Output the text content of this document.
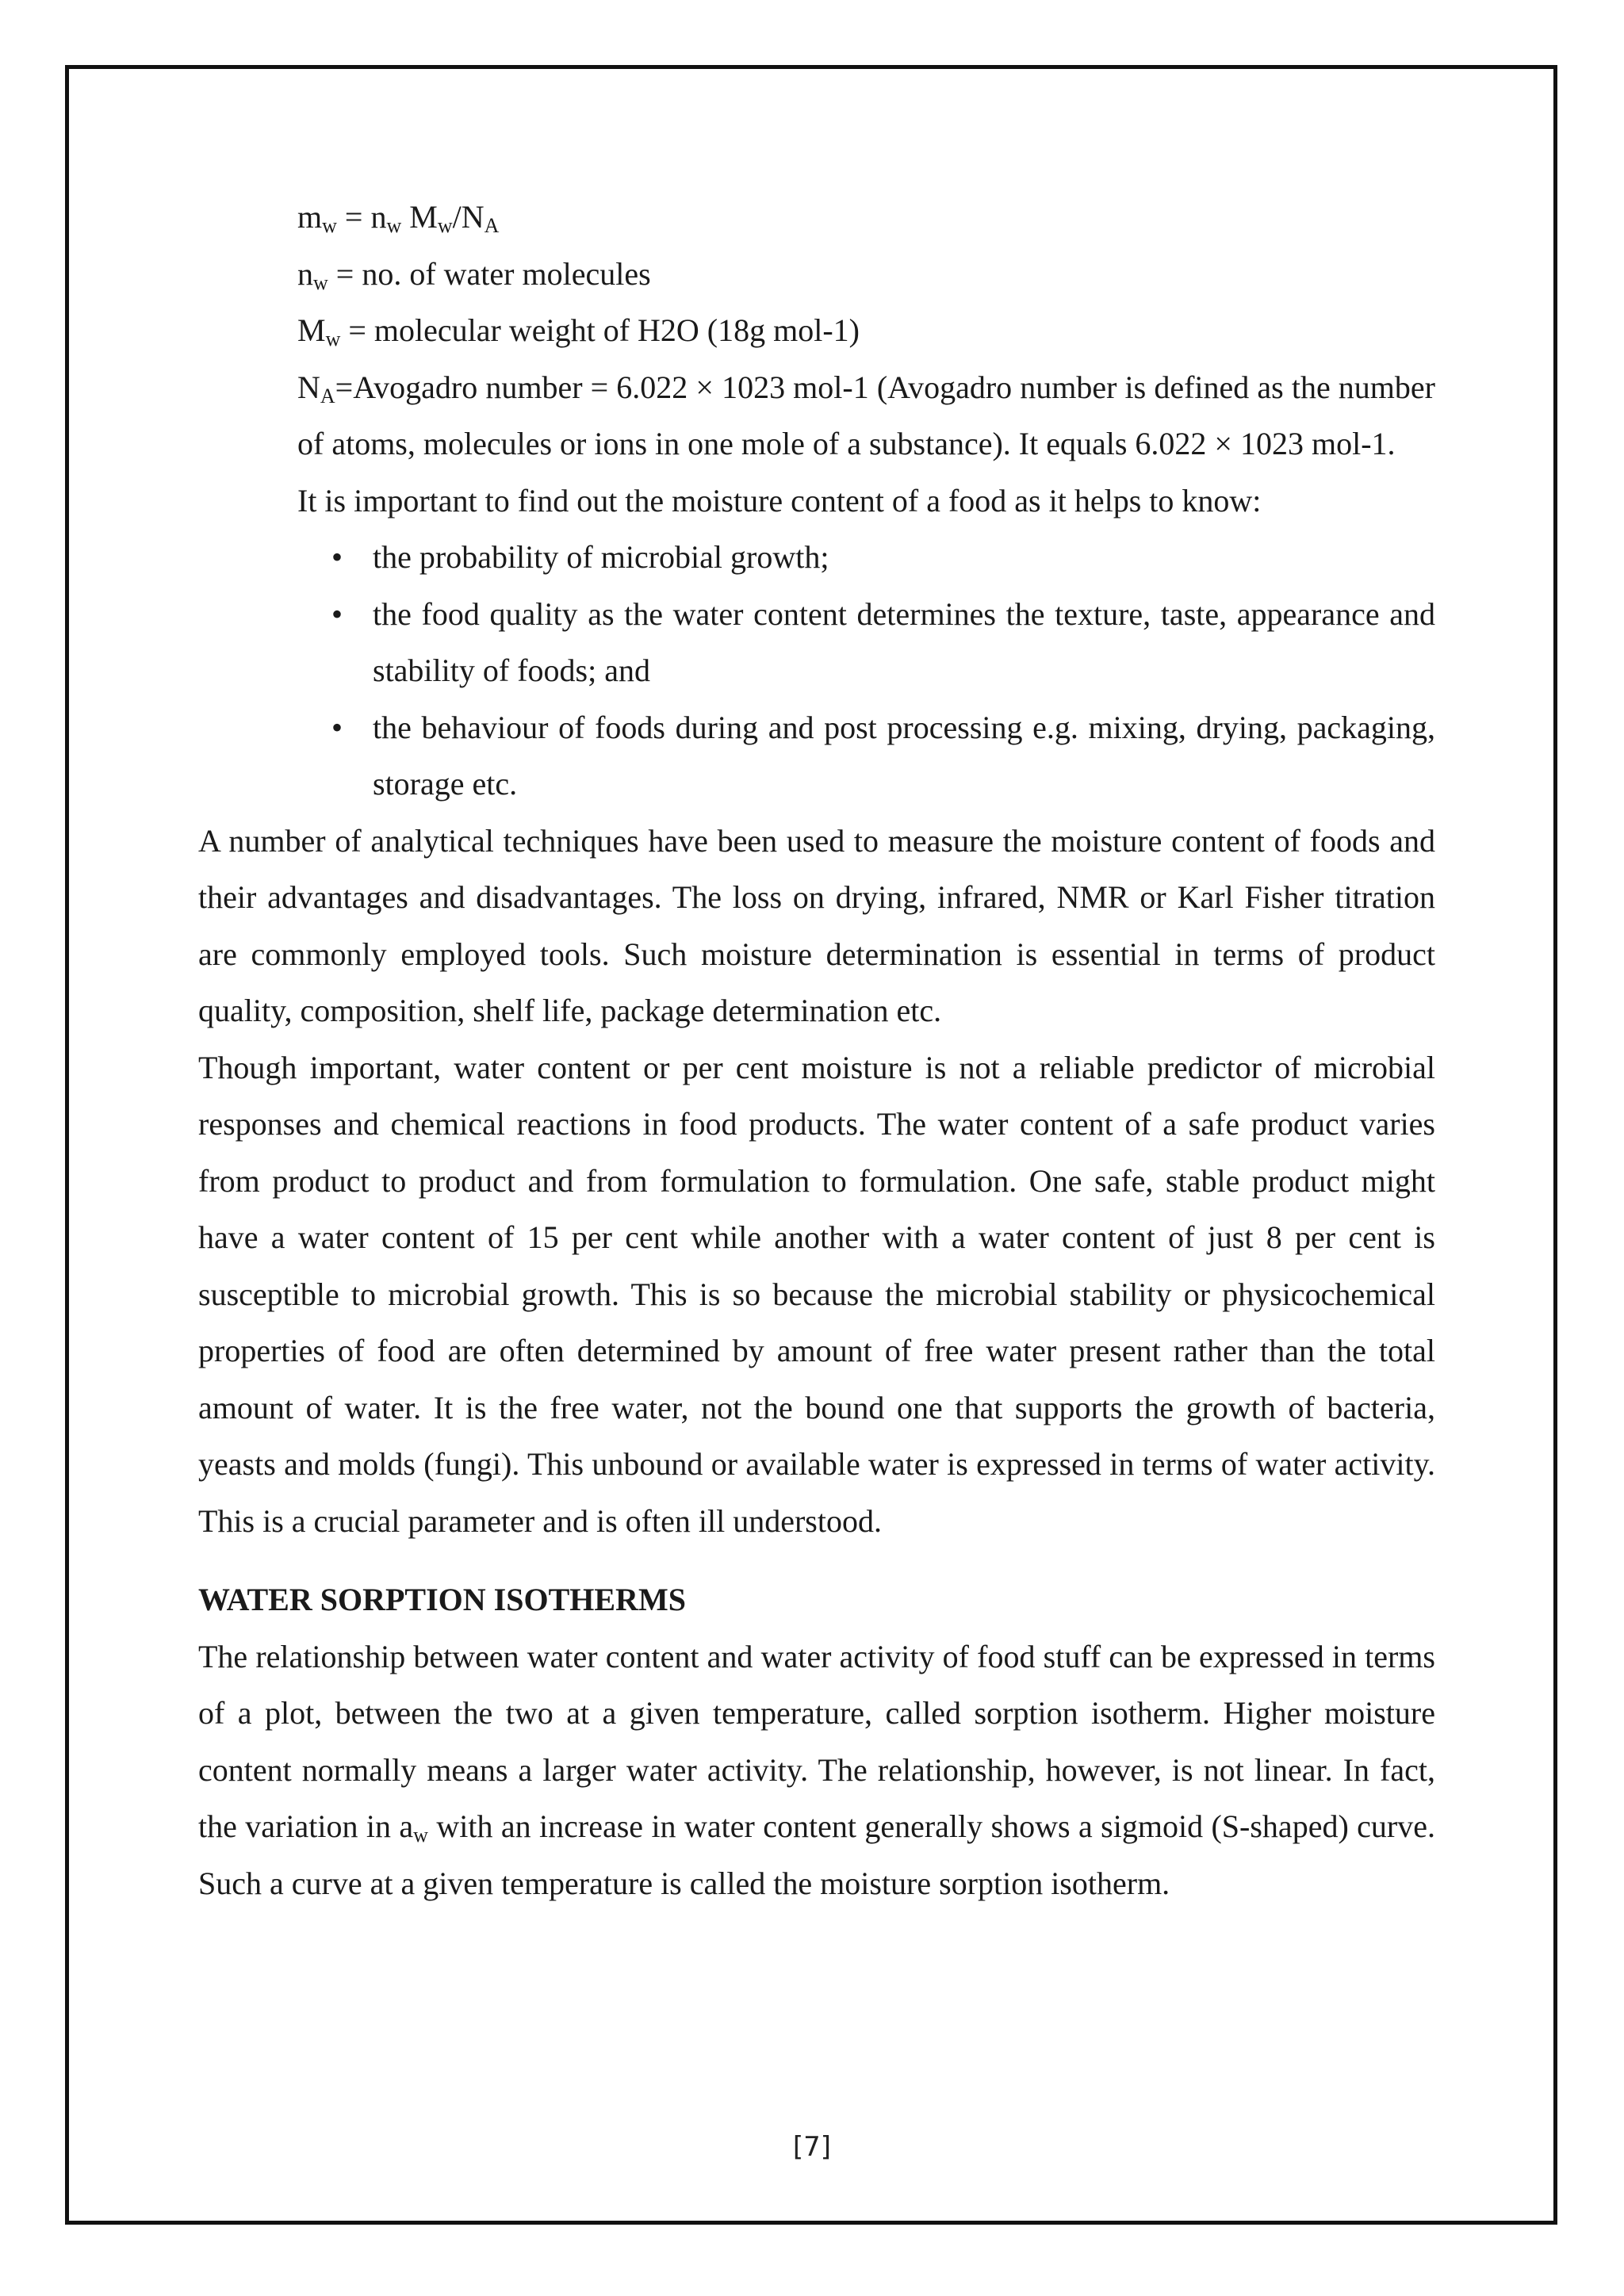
$m_w = n_w$ $M_w/N_A$
$n_w$ = no. of water molecules
$M_w$ = molecular weight of H2O (18g mol-1)
$N_A=Avogadro$ number = 6.022 × 1023 mol-1 (Avogadro number is defined as the number of atoms, molecules or ions in one mole of a substance). It equals 6.022 × 1023 mol-1.
It is important to find out the moisture content of a food as it helps to know:
• the probability of microbial growth;
• the food quality as the water content determines the texture, taste, appearance and stability of foods; and
• the behaviour of foods during and post processing e.g. mixing, drying, packaging, storage etc.
A number of analytical techniques have been used to measure the moisture content of foods and their advantages and disadvantages. The loss on drying, infrared, NMR or Karl Fisher titration are commonly employed tools. Such moisture determination is essential in terms of product quality, composition, shelf life, package determination etc.
Though important, water content or per cent moisture is not a reliable predictor of microbial responses and chemical reactions in food products. The water content of a safe product varies from product to product and from formulation to formulation. One safe, stable product might have a water content of 15 per cent while another with a water content of just 8 per cent is susceptible to microbial growth. This is so because the microbial stability or physicochemical properties of food are often determined by amount of free water present rather than the total amount of water. It is the free water, not the bound one that supports the growth of bacteria, yeasts and molds (fungi). This unbound or available water is expressed in terms of water activity. This is a crucial parameter and is often ill understood.
WATER SORPTION ISOTHERMS
The relationship between water content and water activity of food stuff can be expressed in terms of a plot, between the two at a given temperature, called sorption isotherm. Higher moisture content normally means a larger water activity. The relationship, however, is not linear. In fact, the variation in $a_w$ with an increase in water content generally shows a sigmoid (S-shaped) curve. Such a curve at a given temperature is called the moisture sorption isotherm.
[7]
